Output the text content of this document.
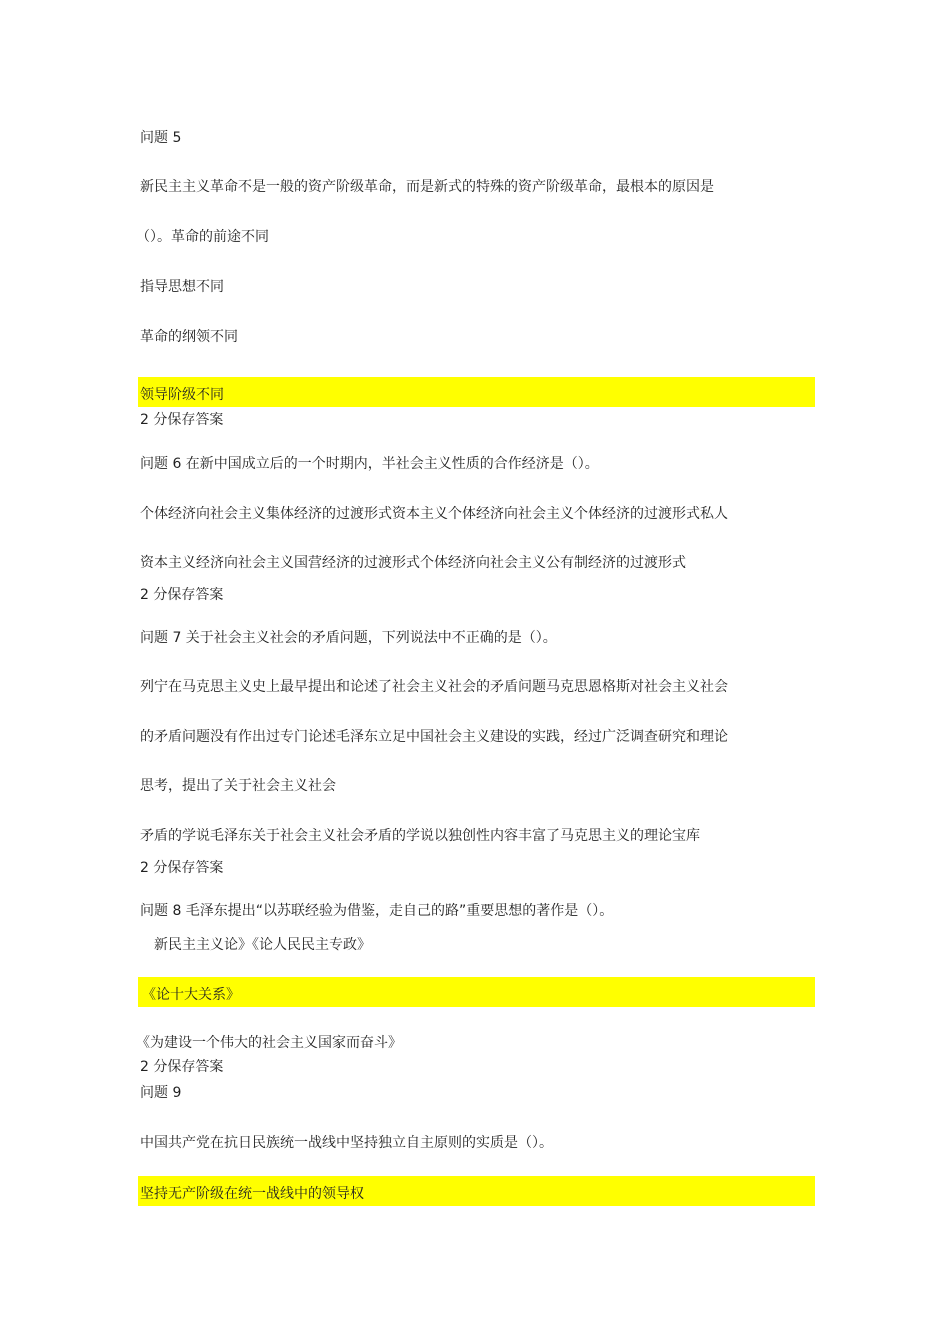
问题 5
新民主主义革命不是一般的资产阶级革命，而是新式的特殊的资产阶级革命，最根本的原因是
（）。革命的前途不同
指导思想不同
革命的纲领不同
领导阶级不同
2 分保存答案
问题 6 在新中国成立后的一个时期内，半社会主义性质的合作经济是（）。
个体经济向社会主义集体经济的过渡形式资本主义个体经济向社会主义个体经济的过渡形式私人
资本主义经济向社会主义国营经济的过渡形式个体经济向社会主义公有制经济的过渡形式
2 分保存答案
问题 7 关于社会主义社会的矛盾问题，下列说法中不正确的是（）。
列宁在马克思主义史上最早提出和论述了社会主义社会的矛盾问题马克思恩格斯对社会主义社会
的矛盾问题没有作出过专门论述毛泽东立足中国社会主义建设的实践，经过广泛调查研究和理论
思考，提出了关于社会主义社会
矛盾的学说毛泽东关于社会主义社会矛盾的学说以独创性内容丰富了马克思主义的理论宝库
2 分保存答案
问题 8 毛泽东提出“以苏联经验为借鉴，走自己的路”重要思想的著作是（）。
新民主主义论》《论人民民主专政》
《论十大关系》
《为建设一个伟大的社会主义国家而奋斗》
2 分保存答案
问题 9
中国共产党在抗日民族统一战线中坚持独立自主原则的实质是（）。
坚持无产阶级在统一战线中的领导权
